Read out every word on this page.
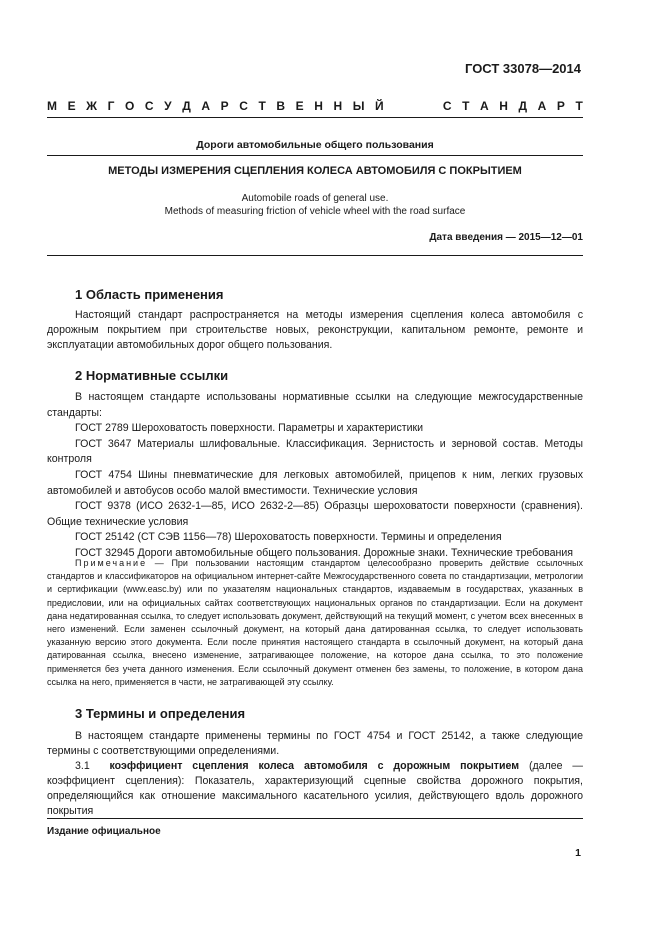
ГОСТ 33078—2014
М Е Ж Г О С У Д А Р С Т В Е Н Н Ы Й	С Т А Н Д А Р Т
Дороги автомобильные общего пользования
МЕТОДЫ ИЗМЕРЕНИЯ СЦЕПЛЕНИЯ КОЛЕСА АВТОМОБИЛЯ С ПОКРЫТИЕМ
Automobile roads of general use.
Methods of measuring friction of vehicle wheel with the road surface
Дата введения — 2015—12—01
1 Область применения

Настоящий стандарт распространяется на методы измерения сцепления колеса автомобиля с дорожным покрытием при строительстве новых, реконструкции, капитальном ремонте, ремонте и эксплуатации автомобильных дорог общего пользования.

2 Нормативные ссылки

В настоящем стандарте использованы нормативные ссылки на следующие межгосударственные стандарты:

ГОСТ 2789 Шероховатость поверхности. Параметры и характеристики

ГОСТ 3647 Материалы шлифовальные. Классификация. Зернистость и зерновой состав. Методы контроля

ГОСТ 4754 Шины пневматические для легковых автомобилей, прицепов к ним, легких грузовых автомобилей и автобусов особо малой вместимости. Технические условия

ГОСТ 9378 (ИСО 2632-1—85, ИСО 2632-2—85) Образцы шероховатости поверхности (сравнения). Общие технические условия

ГОСТ 25142 (СТ СЭВ 1156—78) Шероховатость поверхности. Термины и определения

ГОСТ 32945 Дороги автомобильные общего пользования. Дорожные знаки. Технические требования

Примечание — При пользовании настоящим стандартом целесообразно проверить действие ссылочных стандартов и классификаторов на официальном интернет-сайте Межгосударственного совета по стандартизации, метрологии и сертификации (www.easc.by) или по указателям национальных стандартов, издаваемым в государствах, указанных в предисловии, или на официальных сайтах соответствующих национальных органов по стандартизации. Если на документ дана недатированная ссылка, то следует использовать документ, действующий на текущий момент, с учетом всех внесенных в него изменений. Если заменен ссылочный документ, на который дана датированная ссылка, то следует использовать указанную версию этого документа. Если после принятия настоящего стандарта в ссылочный документ, на который дана датированная ссылка, внесено изменение, затрагивающее положение, на которое дана ссылка, то это положение применяется без учета данного изменения. Если ссылочный документ отменен без замены, то положение, в котором дана ссылка на него, применяется в части, не затрагивающей эту ссылку.

3 Термины и определения

В настоящем стандарте применены термины по ГОСТ 4754 и ГОСТ 25142, а также следующие термины с соответствующими определениями.

3.1 коэффициент сцепления колеса автомобиля с дорожным покрытием (далее — коэффициент сцепления): Показатель, характеризующий сцепные свойства дорожного покрытия, определяющийся как отношение максимального касательного усилия, действующего вдоль дорожного покрытия

Издание официальное
1
